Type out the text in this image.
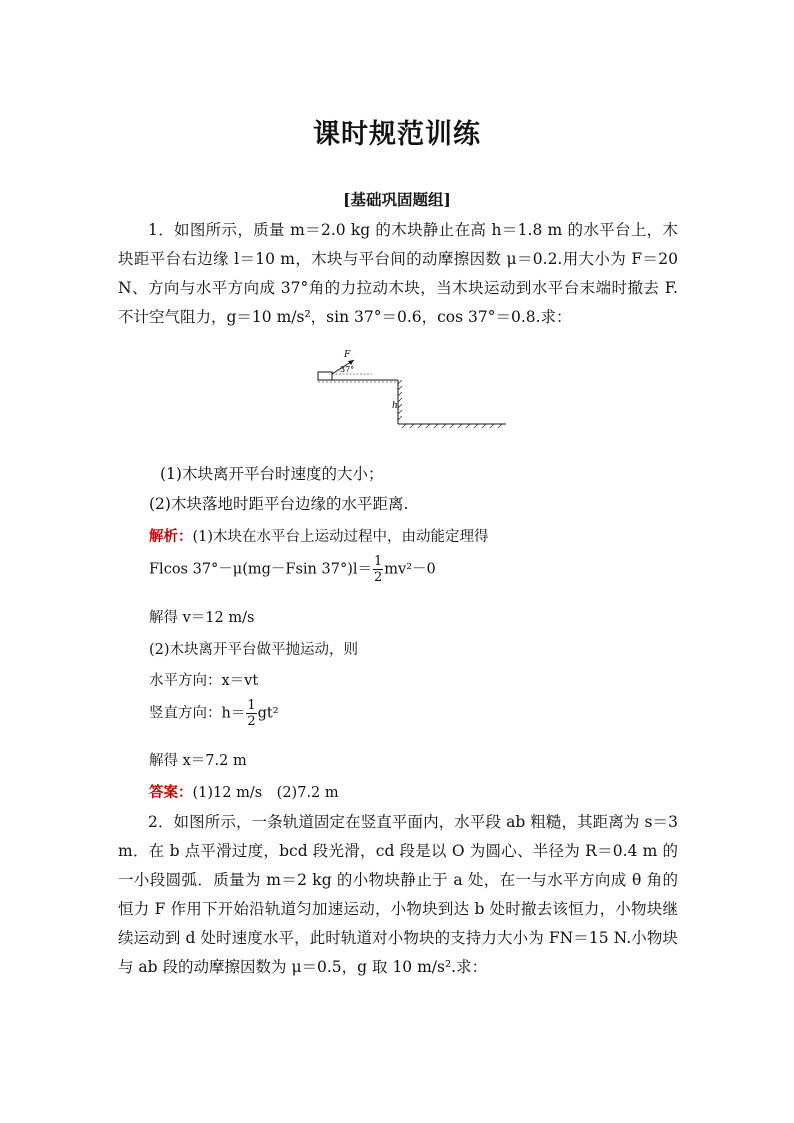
课时规范训练
[基础巩固题组]

1．如图所示，质量 m＝2.0 kg 的木块静止在高 h＝1.8 m 的水平台上，木块距平台右边缘 l＝10 m，木块与平台间的动摩擦因数 μ＝0.2.用大小为 F＝20 N、方向与水平方向成 37°角的力拉动木块，当木块运动到水平台末端时撤去 F.不计空气阻力，g＝10 m/s²，sin 37°＝0.6，cos 37°＝0.8.求：

F
37°
h
(1)木块离开平台时速度的大小；
(2)木块落地时距平台边缘的水平距离.
解析：(1)木块在水平台上运动过程中，由动能定理得
Flcos 37°－μ(mg－Fsin $37^\circ)l= \frac{1}{2} mv^2-0$
解得 v＝12 m/s
(2)木块离开平台做平抛运动，则
水平方向：x＝vt
竖直方向：$h= \frac{1}{2} gt^2$
解得 x＝7.2 m
答案：(1)12 m/s　(2)7.2 m

2．如图所示，一条轨道固定在竖直平面内，水平段 ab 粗糙，其距离为 s＝3 m．在 b 点平滑过度，bcd 段光滑，cd 段是以 O 为圆心、半径为 R＝0.4 m 的一小段圆弧．质量为 m＝2 kg 的小物块静止于 a 处，在一与水平方向成 θ 角的恒力 F 作用下开始沿轨道匀加速运动，小物块到达 b 处时撤去该恒力，小物块继续运动到 d 处时速度水平，此时轨道对小物块的支持力大小为 FN＝15 N.小物块与 ab 段的动摩擦因数为 μ＝0.5，g 取 10 m/s².求：
